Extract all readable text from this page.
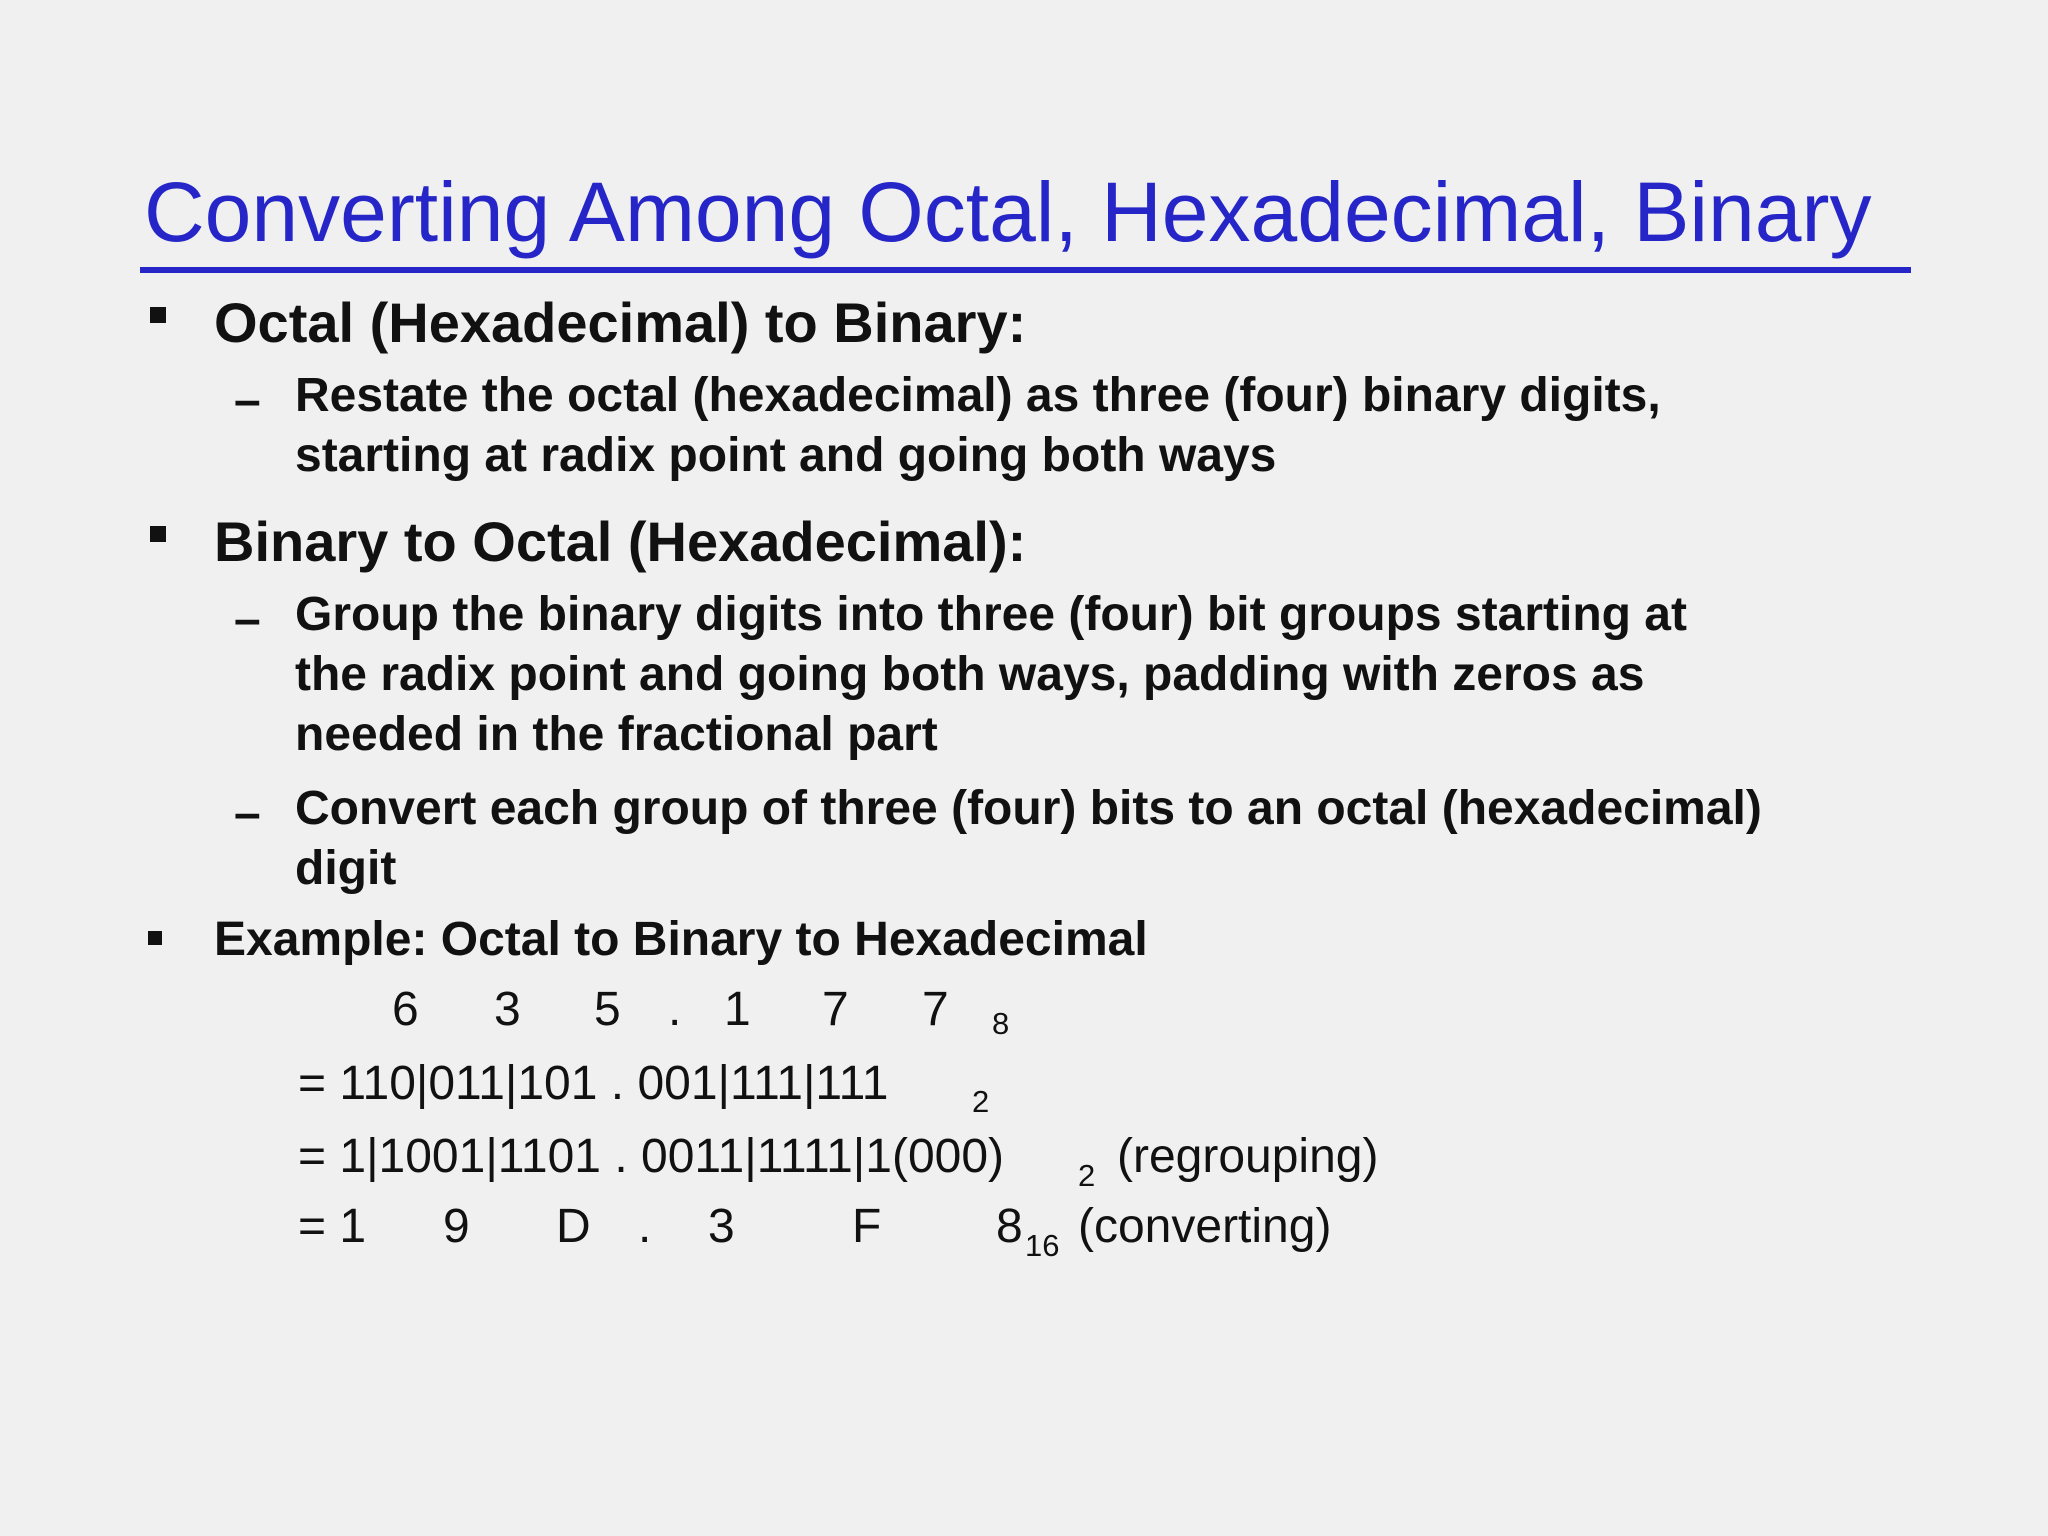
Converting Among Octal, Hexadecimal, Binary
Octal (Hexadecimal) to Binary:
– Restate the octal (hexadecimal) as three (four) binary digits,
starting at radix point and going both ways
Binary to Octal (Hexadecimal):
– Group the binary digits into three (four) bit groups starting at
the radix point and going both ways, padding with zeros as
needed in the fractional part
– Convert each group of three (four) bits to an octal (hexadecimal)
digit
Example: Octal to Binary to Hexadecimal
6 3 5 . 1 7 7 8
= 110|011|101 . 001|111|111	2
= 1|1001|1101 . 0011|1111|1(000) 2 (regrouping)
= 1 9 D . 3 F 8 16 (converting)
